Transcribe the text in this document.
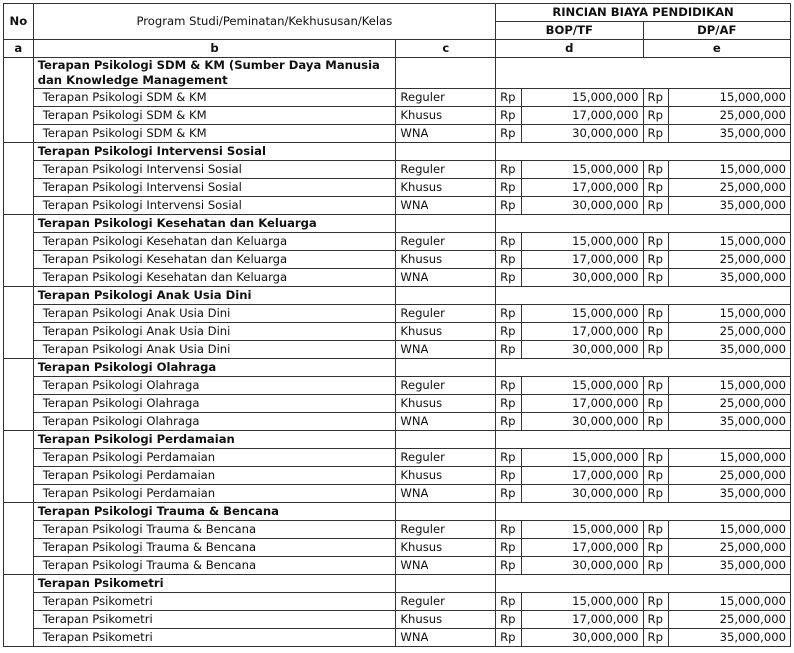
No	Program Studi/Peminatan/Kekhususan/Kelas		RINCIAN BIAYA PENDIDIKAN			
			BOP/TF		DP/AF	
a	b	c	d		e	
	Terapan Psikologi SDM & KM (Sumber Daya Manusia dan Knowledge Management					
	Terapan Psikologi SDM & KM	Reguler	Rp	15,000,000	Rp	15,000,000
	Terapan Psikologi SDM & KM	Khusus	Rp	17,000,000	Rp	25,000,000
	Terapan Psikologi SDM & KM	WNA	Rp	30,000,000	Rp	35,000,000
	Terapan Psikologi Intervensi Sosial					
	Terapan Psikologi Intervensi Sosial	Reguler	Rp	15,000,000	Rp	15,000,000
	Terapan Psikologi Intervensi Sosial	Khusus	Rp	17,000,000	Rp	25,000,000
	Terapan Psikologi Intervensi Sosial	WNA	Rp	30,000,000	Rp	35,000,000
	Terapan Psikologi Kesehatan dan Keluarga					
	Terapan Psikologi Kesehatan dan Keluarga	Reguler	Rp	15,000,000	Rp	15,000,000
	Terapan Psikologi Kesehatan dan Keluarga	Khusus	Rp	17,000,000	Rp	25,000,000
	Terapan Psikologi Kesehatan dan Keluarga	WNA	Rp	30,000,000	Rp	35,000,000
	Terapan Psikologi Anak Usia Dini					
	Terapan Psikologi Anak Usia Dini	Reguler	Rp	15,000,000	Rp	15,000,000
	Terapan Psikologi Anak Usia Dini	Khusus	Rp	17,000,000	Rp	25,000,000
	Terapan Psikologi Anak Usia Dini	WNA	Rp	30,000,000	Rp	35,000,000
	Terapan Psikologi Olahraga					
	Terapan Psikologi Olahraga	Reguler	Rp	15,000,000	Rp	15,000,000
	Terapan Psikologi Olahraga	Khusus	Rp	17,000,000	Rp	25,000,000
	Terapan Psikologi Olahraga	WNA	Rp	30,000,000	Rp	35,000,000
	Terapan Psikologi Perdamaian					
	Terapan Psikologi Perdamaian	Reguler	Rp	15,000,000	Rp	15,000,000
	Terapan Psikologi Perdamaian	Khusus	Rp	17,000,000	Rp	25,000,000
	Terapan Psikologi Perdamaian	WNA	Rp	30,000,000	Rp	35,000,000
	Terapan Psikologi Trauma & Bencana					
	Terapan Psikologi Trauma & Bencana	Reguler	Rp	15,000,000	Rp	15,000,000
	Terapan Psikologi Trauma & Bencana	Khusus	Rp	17,000,000	Rp	25,000,000
	Terapan Psikologi Trauma & Bencana	WNA	Rp	30,000,000	Rp	35,000,000
	Terapan Psikometri					
	Terapan Psikometri	Reguler	Rp	15,000,000	Rp	15,000,000
	Terapan Psikometri	Khusus	Rp	17,000,000	Rp	25,000,000
	Terapan Psikometri	WNA	Rp	30,000,000	Rp	35,000,000
